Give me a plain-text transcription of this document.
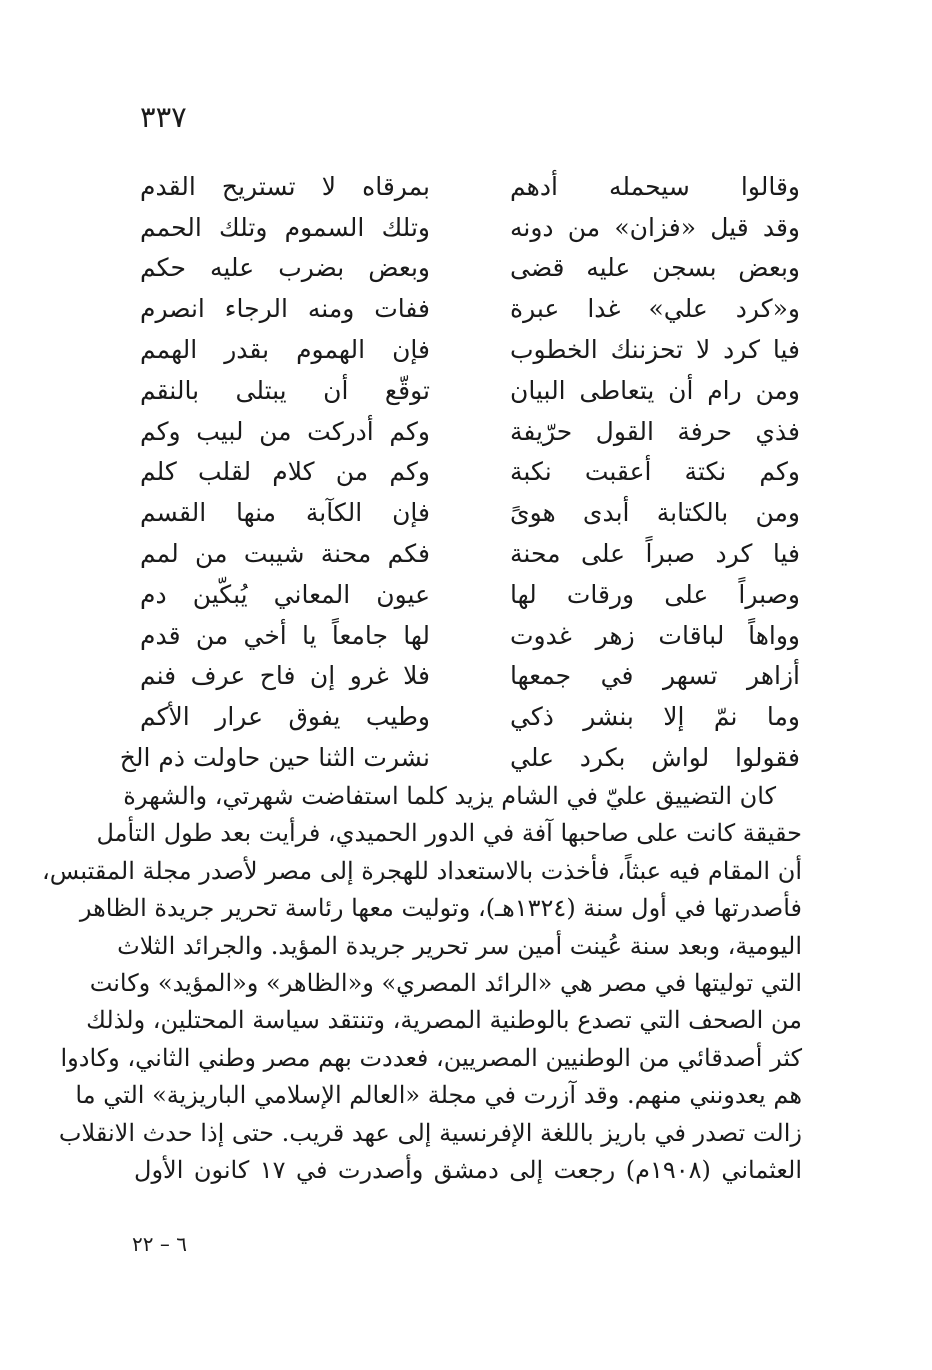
٣٣٧
وقالوا سيحمله أدهم
بمرقاه لا تستريح القدم
وقد قيل «فزان» من دونه
وتلك السموم وتلك الحمم
وبعض بسجن عليه قضى
وبعض بضرب عليه حكم
و«كرد علي» غدا عبرة
ففات ومنه الرجاء انصرم
فيا كرد لا تحزننك الخطوب
فإن الهموم بقدر الهمم
ومن رام أن يتعاطى البيان
توقّع أن يبتلى بالنقم
فذي حرفة القول حرّيفة
وكم أدركت من لبيب وكم
وكم نكتة أعقبت نكبة
وكم من كلام لقلب كلم
ومن بالكتابة أبدى هوىً
فإن الكآبة منها القسم
فيا كرد صبراً على محنة
فكم محنة شيبت من لمم
وصبراً على ورقات لها
عيون المعاني يُبكّين دم
وواهاً لباقات زهر غدوت
لها جامعاً يا أخي من قدم
أزاهر تسهر في جمعها
فلا غرو إن فاح عرف فنم
وما نمّ إلا بنشر ذكي
وطيب يفوق عرار الأكم
فقولوا لواش بكرد علي
نشرت الثنا حين حاولت ذم الخ
كان التضييق عليّ في الشام يزيد كلما استفاضت شهرتي، والشهرة
حقيقة كانت على صاحبها آفة في الدور الحميدي، فرأيت بعد طول التأمل
أن المقام فيه عبثاً، فأخذت بالاستعداد للهجرة إلى مصر لأصدر مجلة المقتبس،
فأصدرتها في أول سنة (١٣٢٤هـ)، وتوليت معها رئاسة تحرير جريدة الظاهر
اليومية، وبعد سنة عُينت أمين سر تحرير جريدة المؤيد. والجرائد الثلاث
التي توليتها في مصر هي «الرائد المصري» و«الظاهر» و«المؤيد» وكانت
من الصحف التي تصدع بالوطنية المصرية، وتنتقد سياسة المحتلين، ولذلك
كثر أصدقائي من الوطنيين المصريين، فعددت بهم مصر وطني الثاني، وكادوا
هم يعدونني منهم. وقد آزرت في مجلة «العالم الإسلامي الباريزية» التي ما
زالت تصدر في باريز باللغة الإفرنسية إلى عهد قريب. حتى إذا حدث الانقلاب
العثماني (١٩٠٨م) رجعت إلى دمشق وأصدرت في ١٧ كانون الأول
٦ – ٢٢
